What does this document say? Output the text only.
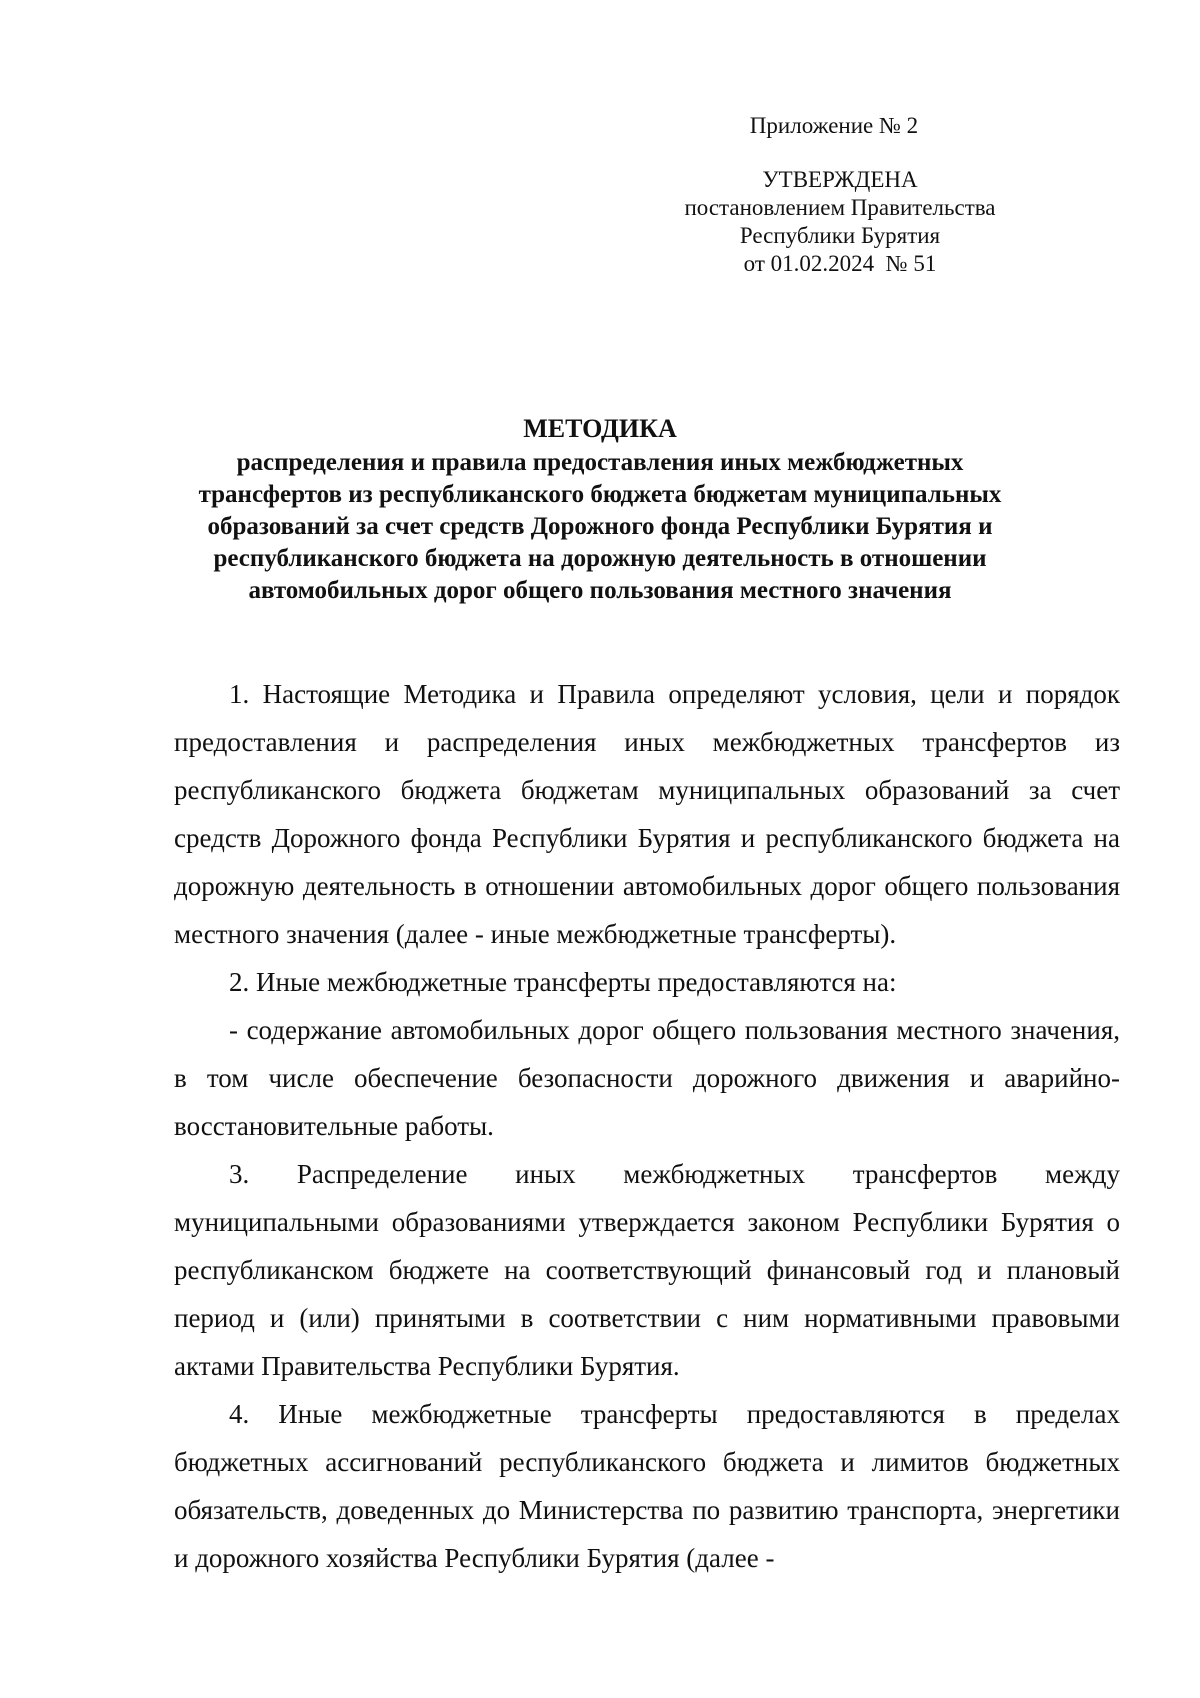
Приложение № 2
УТВЕРЖДЕНА
постановлением Правительства
Республики Бурятия
от 01.02.2024  № 51
МЕТОДИКА
распределения и правила предоставления иных межбюджетных
трансфертов из республиканского бюджета бюджетам муниципальных
образований за счет средств Дорожного фонда Республики Бурятия и
республиканского бюджета на дорожную деятельность в отношении
автомобильных дорог общего пользования местного значения

1. Настоящие Методика и Правила определяют условия, цели и порядок предоставления и распределения иных межбюджетных трансфертов из республиканского бюджета бюджетам муниципальных образований за счет средств Дорожного фонда Республики Бурятия и республиканского бюджета на дорожную деятельность в отношении автомобильных дорог общего пользования местного значения (далее - иные межбюджетные трансферты).

2. Иные межбюджетные трансферты предоставляются на:

- содержание автомобильных дорог общего пользования местного значения, в том числе обеспечение безопасности дорожного движения и аварийно-восстановительные работы.

3. Распределение иных межбюджетных трансфертов между муниципальными образованиями утверждается законом Республики Бурятия о республиканском бюджете на соответствующий финансовый год и плановый период и (или) принятыми в соответствии с ним нормативными правовыми актами Правительства Республики Бурятия.

4. Иные межбюджетные трансферты предоставляются в пределах бюджетных ассигнований республиканского бюджета и лимитов бюджетных обязательств, доведенных до Министерства по развитию транспорта, энергетики и дорожного хозяйства Республики Бурятия (далее -
